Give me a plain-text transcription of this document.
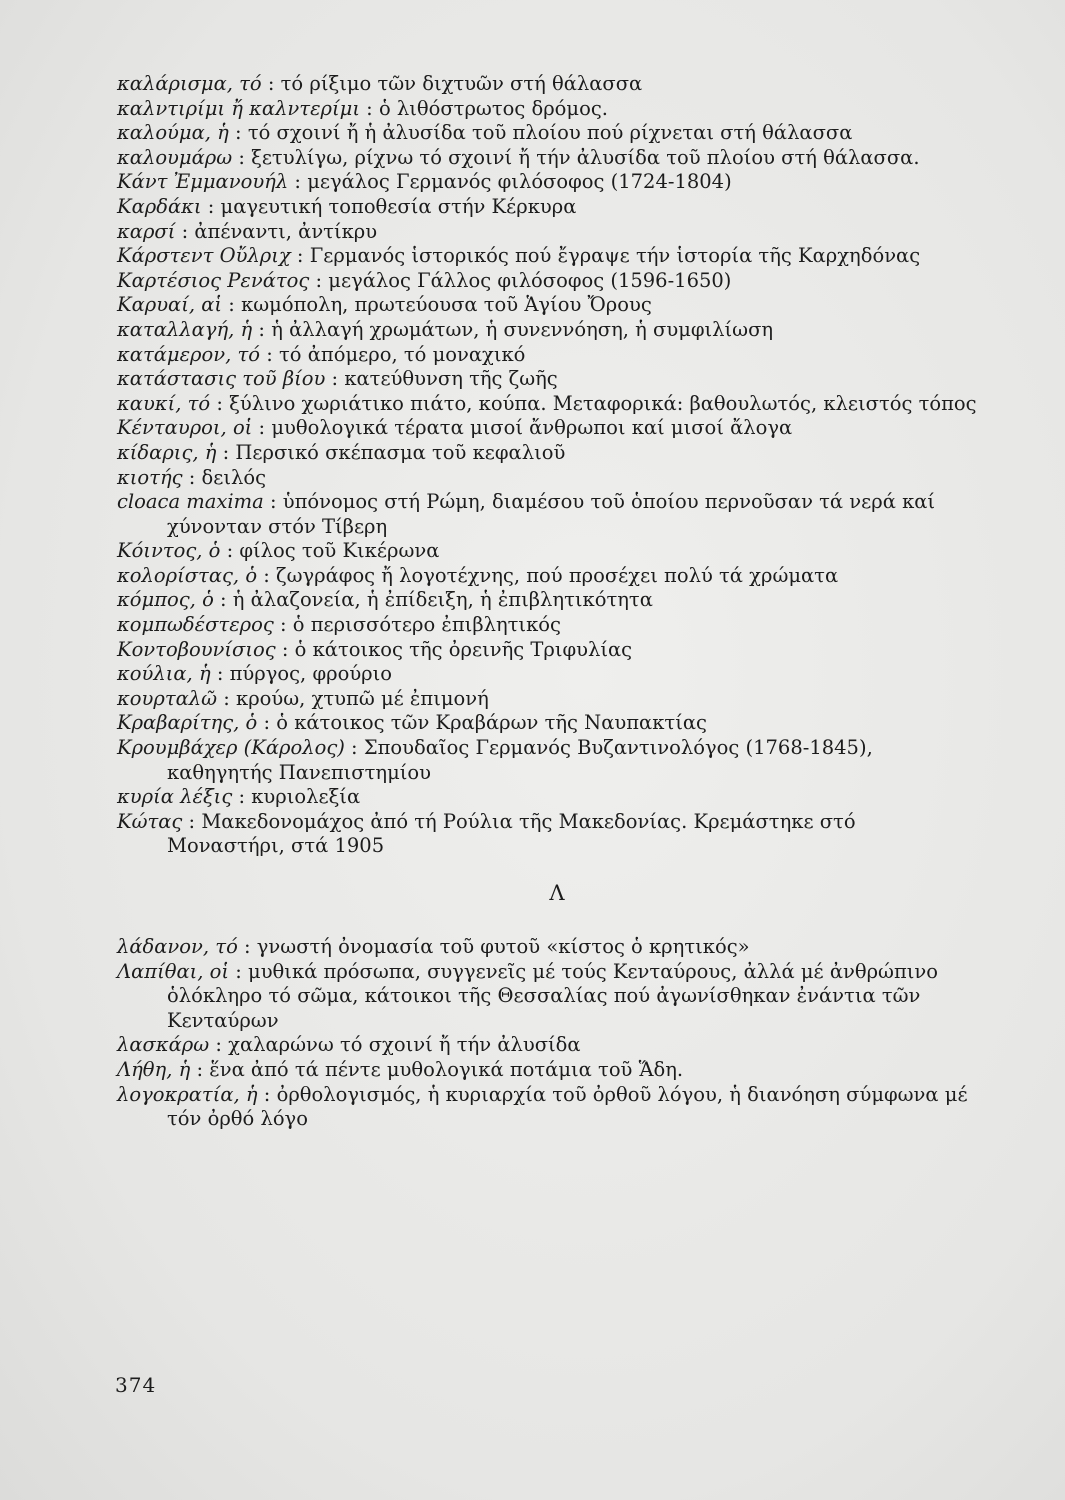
καλάρισμα, τό : τό ρίξιμο τῶν διχτυῶν στή θάλασσα

καλντιρίμι ἤ καλντερίμι : ὁ λιθόστρωτος δρόμος.

καλούμα, ἡ : τό σχοινί ἤ ἡ ἀλυσίδα τοῦ πλοίου πού ρίχνεται στή θάλασσα

καλουμάρω : ξετυλίγω, ρίχνω τό σχοινί ἤ τήν ἀλυσίδα τοῦ πλοίου στή θάλασσα.

Κάντ Ἐμμανουήλ : μεγάλος Γερμανός φιλόσοφος (1724-1804)

Καρδάκι : μαγευτική τοποθεσία στήν Κέρκυρα

καρσί : ἀπέναντι, ἀντίκρυ

Κάρστεντ Οὔλριχ : Γερμανός ἱστορικός πού ἔγραψε τήν ἱστορία τῆς Καρχηδόνας

Καρτέσιος Ρενάτος : μεγάλος Γάλλος φιλόσοφος (1596-1650)

Καρυαί, αἱ : κωμόπολη, πρωτεύουσα τοῦ Ἁγίου Ὄρους

καταλλαγή, ἡ : ἡ ἀλλαγή χρωμάτων, ἡ συνεννόηση, ἡ συμφιλίωση

κατάμερον, τό : τό ἀπόμερο, τό μοναχικό

κατάστασις τοῦ βίου : κατεύθυνση τῆς ζωῆς

καυκί, τό : ξύλινο χωριάτικο πιάτο, κούπα. Μεταφορικά: βαθουλωτός, κλειστός τόπος

Κένταυροι, οἱ : μυθολογικά τέρατα μισοί ἄνθρωποι καί μισοί ἄλογα

κίδαρις, ἡ : Περσικό σκέπασμα τοῦ κεφαλιοῦ

κιοτής : δειλός

cloaca maxima : ὑπόνομος στή Ρώμη, διαμέσου τοῦ ὁποίου περνοῦσαν τά νερά καί χύνονταν στόν Τίβερη

Κόιντος, ὁ : φίλος τοῦ Κικέρωνα

κολορίστας, ὁ : ζωγράφος ἤ λογοτέχνης, πού προσέχει πολύ τά χρώματα

κόμπος, ὁ : ἡ ἀλαζονεία, ἡ ἐπίδειξη, ἡ ἐπιβλητικότητα

κομπωδέστερος : ὁ περισσότερο ἐπιβλητικός

Κοντοβουνίσιος : ὁ κάτοικος τῆς ὀρεινῆς Τριφυλίας

κούλια, ἡ : πύργος, φρούριο

κουρταλῶ : κρούω, χτυπῶ μέ ἐπιμονή

Κραβαρίτης, ὁ : ὁ κάτοικος τῶν Κραβάρων τῆς Ναυπακτίας

Κρουμβάχερ (Κάρολος) : Σπουδαῖος Γερμανός Βυζαντινολόγος (1768-1845), καθηγητής Πανεπιστημίου

κυρία λέξις : κυριολεξία

Κώτας : Μακεδονομάχος ἀπό τή Ρούλια τῆς Μακεδονίας. Κρεμάστηκε στό Μοναστήρι, στά 1905

Λ

λάδανον, τό : γνωστή ὀνομασία τοῦ φυτοῦ «κίστος ὁ κρητικός»

Λαπίθαι, οἱ : μυθικά πρόσωπα, συγγενεῖς μέ τούς Κενταύρους, ἀλλά μέ ἀνθρώπινο ὁλόκληρο τό σῶμα, κάτοικοι τῆς Θεσσαλίας πού ἀγωνίσθηκαν ἐνάντια τῶν Κενταύρων

λασκάρω : χαλαρώνω τό σχοινί ἤ τήν ἀλυσίδα

Λήθη, ἡ : ἕνα ἀπό τά πέντε μυθολογικά ποτάμια τοῦ Ἅδη.

λογοκρατία, ἡ : ὀρθολογισμός, ἡ κυριαρχία τοῦ ὀρθοῦ λόγου, ἡ διανόηση σύμφωνα μέ τόν ὀρθό λόγο

374
